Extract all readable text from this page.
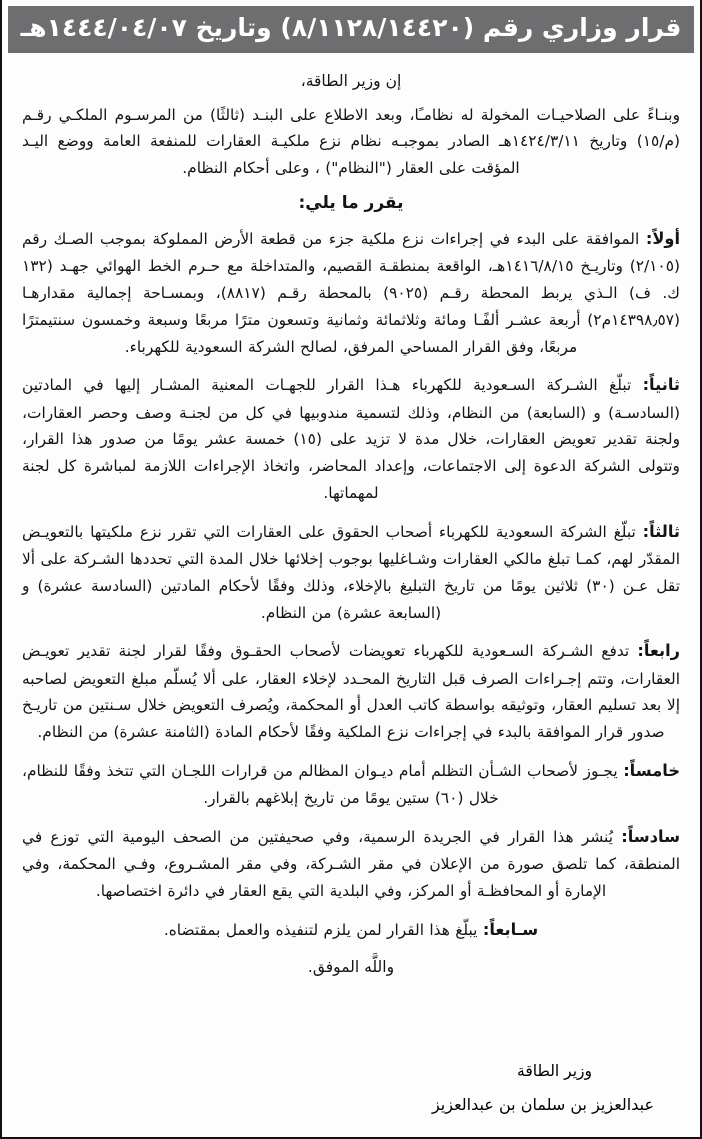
قرار وزاري رقم (٨/١١٢٨/١٤٤٢٠) وتاريخ ١٤٤٤/٠٤/٠٧هـ
إن وزير الطاقة،

وبنـاءً على الصلاحيـات المخولة له نظامـًا، وبعد الاطلاع على البنـد (ثالثًا) من المرسـوم الملكـي رقـم (م/١٥) وتاريخ ١٤٢٤/٣/١١هـ الصادر بموجبـه نظام نزع ملكيـة العقارات للمنفعة العامة ووضع اليـد المؤقت على العقار ("النظام") ، وعلى أحكام النظام.

يقرر ما يلي:

أولاً: الموافقة على البدء في إجراءات نزع ملكية جزء من قطعة الأرض المملوكة بموجب الصـك رقم (٢/١٠٥) وتاريـخ ١٤١٦/٨/١٥هـ، الواقعة بمنطقـة القصيم، والمتداخلة مع حـرم الخط الهوائي جهـد (١٣٢ ك. ف) الـذي يربط المحطة رقـم (٩٠٢٥) بالمحطة رقـم (٨٨١٧)، وبمسـاحة إجمالية مقدارهـا (١٤٣٩٨٫٥٧م٢) أربعة عشـر ألفًـا ومائة وثلاثمائة وثمانية وتسعون مترًا مربعًا وسبعة وخمسون سنتيمترًا مربعًا، وفق القرار المساحي المرفق، لصالح الشركة السعودية للكهرباء.

ثانياً: تبلّغ الشـركة السـعودية للكهرباء هـذا القرار للجهـات المعنية المشـار إليها في المادتين (السادسـة) و (السابعة) من النظام، وذلك لتسمية مندوبيها في كل من لجنـة وصف وحصر العقارات، ولجنة تقدير تعويض العقارات، خلال مدة لا تزيد على (١٥) خمسة عشر يومًا من صدور هذا القرار، وتتولى الشركة الدعوة إلى الاجتماعات، وإعداد المحاضر، واتخاذ الإجراءات اللازمة لمباشرة كل لجنة لمهماتها.

ثالثاً: تبلّغ الشركة السعودية للكهرباء أصحاب الحقوق على العقارات التي تقرر نزع ملكيتها بالتعويـض المقدّر لهم، كمـا تبلغ مالكي العقارات وشـاغليها بوجوب إخلائها خلال المدة التي تحددها الشـركة على ألا تقل عـن (٣٠) ثلاثين يومًا من تاريخ التبليغ بالإخلاء، وذلك وفقًا لأحكام المادتين (السادسة عشرة) و (السابعة عشرة) من النظام.

رابعاً: تدفع الشـركة السـعودية للكهرباء تعويضات لأصحاب الحقـوق وفقًا لقرار لجنة تقدير تعويـض العقارات، وتتم إجـراءات الصرف قبل التاريخ المحـدد لإخلاء العقار، على ألا يُسلّم مبلغ التعويض لصاحبه إلا بعد تسليم العقار، وتوثيقه بواسطة كاتب العدل أو المحكمة، ويُصرف التعويض خلال سـنتين من تاريـخ صدور قرار الموافقة بالبدء في إجراءات نزع الملكية وفقًا لأحكام المادة (الثامنة عشرة) من النظام.

خامساً: يجـوز لأصحاب الشـأن التظلم أمام ديـوان المظالم من قرارات اللجـان التي تتخذ وفقًا للنظام، خلال (٦٠) ستين يومًا من تاريخ إبلاغهم بالقرار.

سادساً: يُنشر هذا القرار في الجريدة الرسمية، وفي صحيفتين من الصحف اليومية التي توزع في المنطقة، كما تلصق صورة من الإعلان في مقر الشـركة، وفي مقر المشـروع، وفـي المحكمة، وفي الإمارة أو المحافظـة أو المركز، وفي البلدية التي يقع العقار في دائرة اختصاصها.

سـابعاً: يبلّغ هذا القرار لمن يلزم لتنفيذه والعمل بمقتضاه.

واللَّه الموفق.

وزير الطاقة

عبدالعزيز بن سلمان بن عبدالعزيز
